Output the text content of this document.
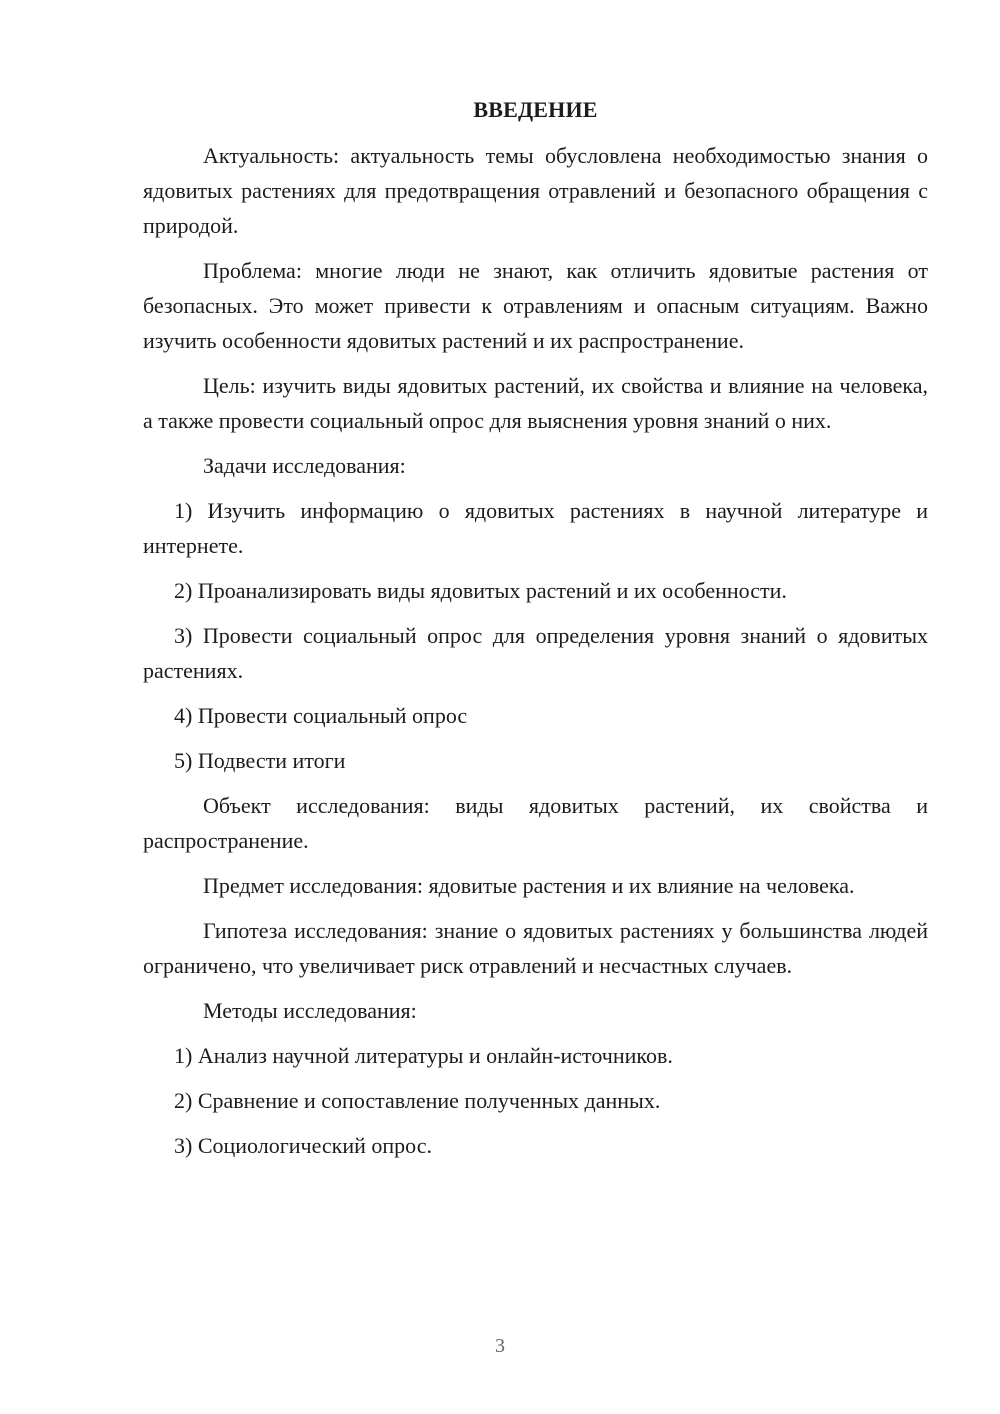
ВВЕДЕНИЕ

Актуальность: актуальность темы обусловлена необходимостью знания о ядовитых растениях для предотвращения отравлений и безопасного обращения с природой.

Проблема: многие люди не знают, как отличить ядовитые растения от безопасных. Это может привести к отравлениям и опасным ситуациям. Важно изучить особенности ядовитых растений и их распространение.

Цель: изучить виды ядовитых растений, их свойства и влияние на человека, а также провести социальный опрос для выяснения уровня знаний о них.

Задачи исследования:

1) Изучить информацию о ядовитых растениях в научной литературе и интернете.

2) Проанализировать виды ядовитых растений и их особенности.

3) Провести социальный опрос для определения уровня знаний о ядовитых растениях.

4) Провести социальный опрос

5) Подвести итоги

Объект исследования: виды ядовитых растений, их свойства и распространение.

Предмет исследования: ядовитые растения и их влияние на человека.

Гипотеза исследования: знание о ядовитых растениях у большинства людей ограничено, что увеличивает риск отравлений и несчастных случаев.

Методы исследования:

1) Анализ научной литературы и онлайн-источников.

2) Сравнение и сопоставление полученных данных.

3) Социологический опрос.

3
